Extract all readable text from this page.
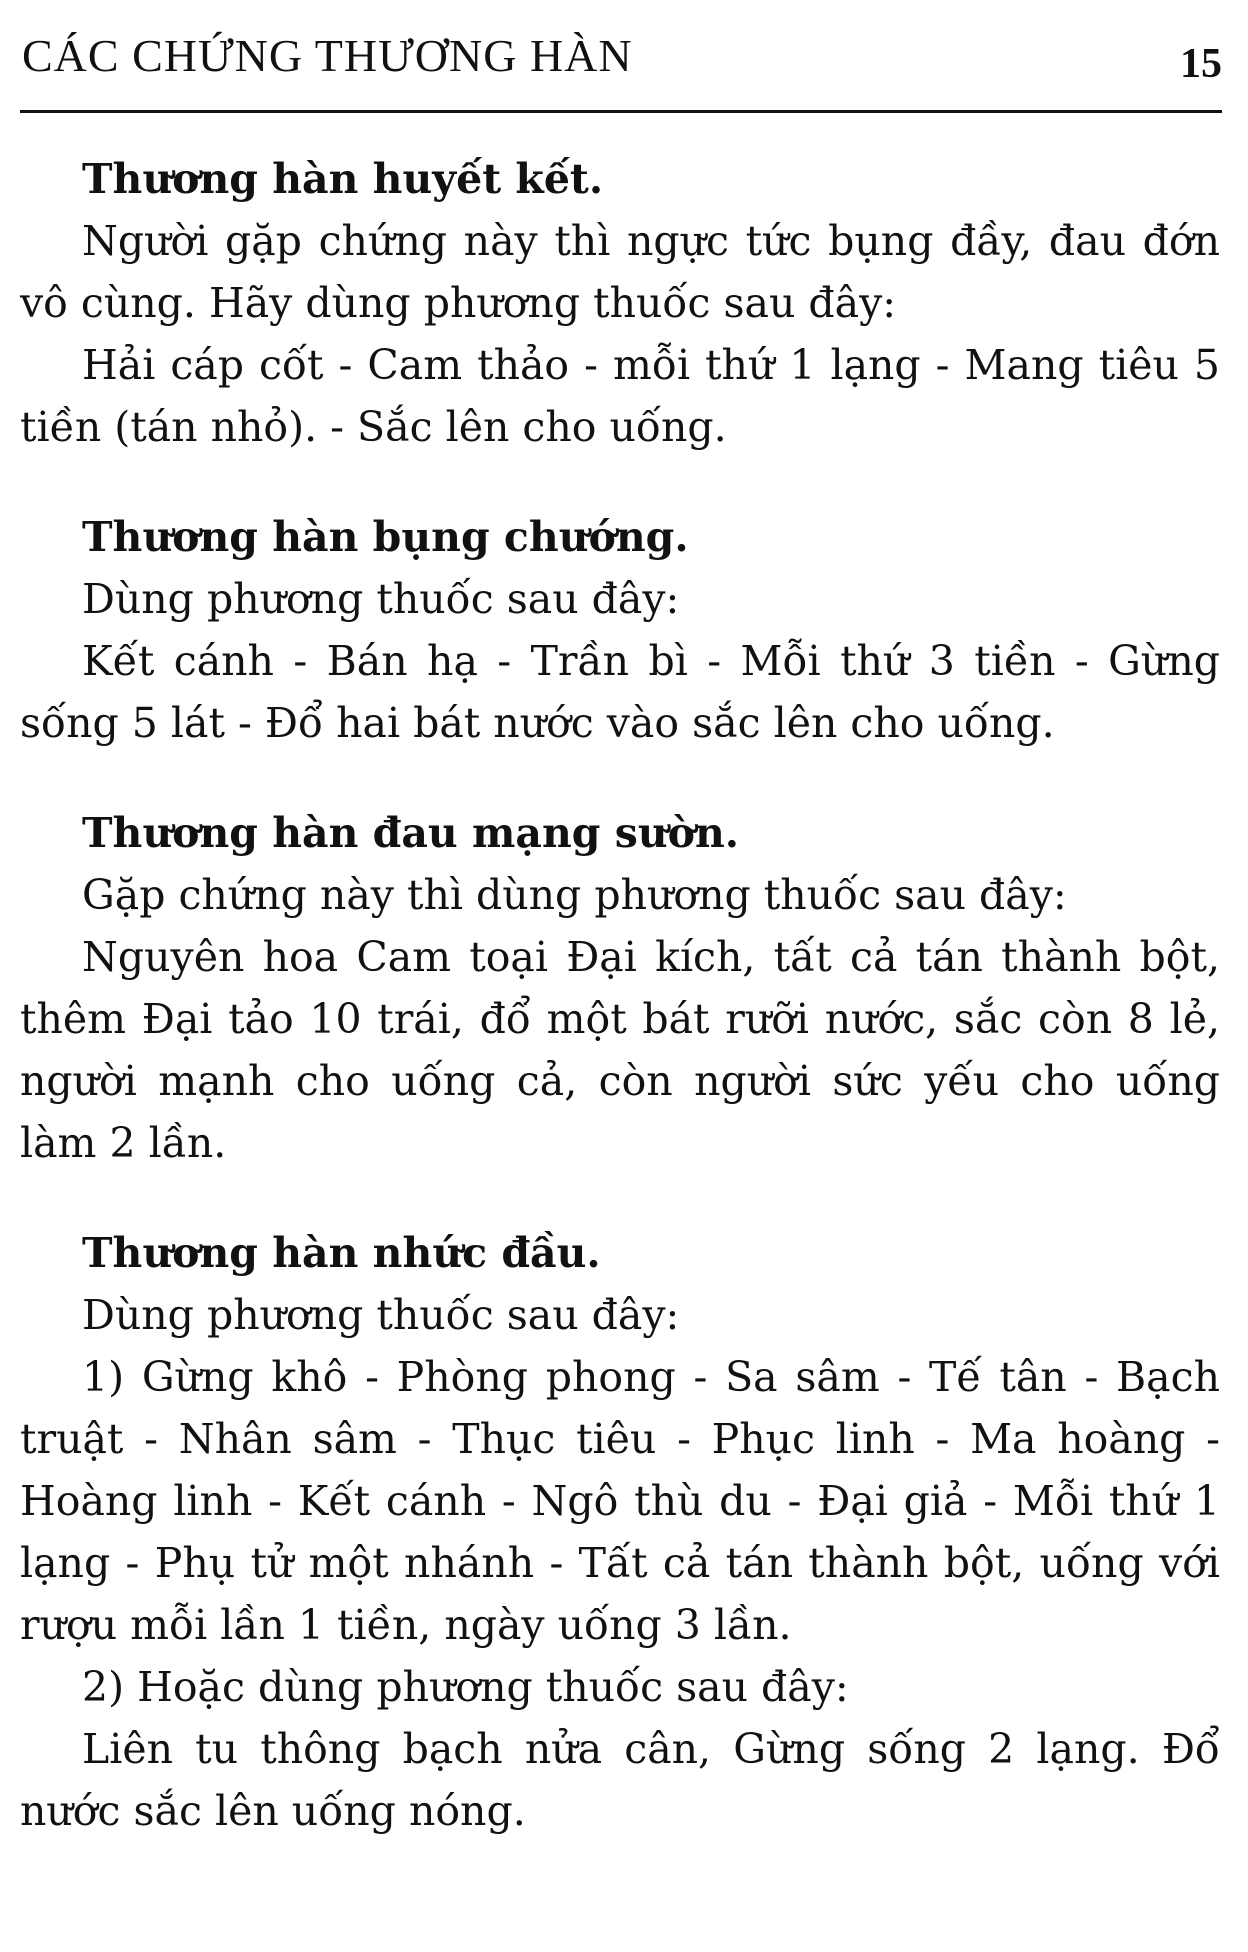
CÁC CHỨNG THƯƠNG HÀN	15

Thương hàn huyết kết.

Người gặp chứng này thì ngực tức bụng đầy, đau đớn vô cùng. Hãy dùng phương thuốc sau đây:

Hải cáp cốt - Cam thảo - mỗi thứ 1 lạng - Mang tiêu 5 tiền (tán nhỏ). - Sắc lên cho uống.

Thương hàn bụng chướng.

Dùng phương thuốc sau đây:

Kết cánh - Bán hạ - Trần bì - Mỗi thứ 3 tiền - Gừng sống 5 lát - Đổ hai bát nước vào sắc lên cho uống.

Thương hàn đau mạng sườn.

Gặp chứng này thì dùng phương thuốc sau đây:

Nguyên hoa Cam toại Đại kích, tất cả tán thành bột, thêm Đại tảo 10 trái, đổ một bát rưỡi nước, sắc còn 8 lẻ, người mạnh cho uống cả, còn người sức yếu cho uống làm 2 lần.

Thương hàn nhức đầu.

Dùng phương thuốc sau đây:

1) Gừng khô - Phòng phong - Sa sâm - Tế tân - Bạch truật - Nhân sâm - Thục tiêu - Phục linh - Ma hoàng - Hoàng linh - Kết cánh - Ngô thù du - Đại giả - Mỗi thứ 1 lạng - Phụ tử một nhánh - Tất cả tán thành bột, uống với rượu mỗi lần 1 tiền, ngày uống 3 lần.

2) Hoặc dùng phương thuốc sau đây:

Liên tu thông bạch nửa cân, Gừng sống 2 lạng. Đổ nước sắc lên uống nóng.
